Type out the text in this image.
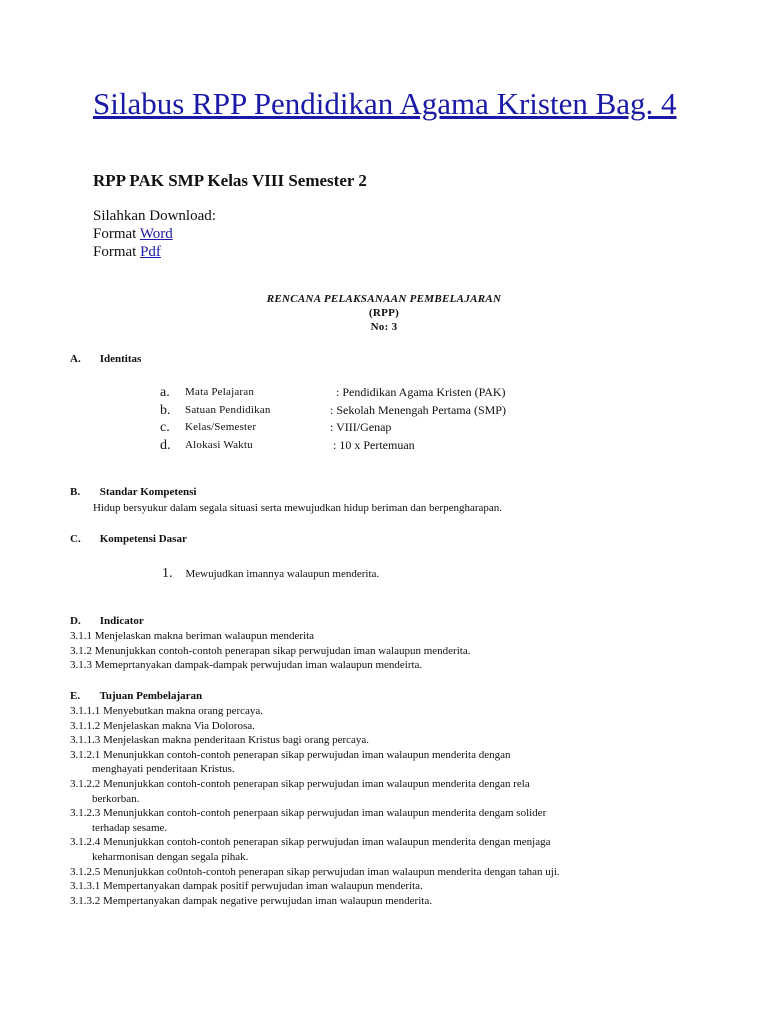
Silabus RPP Pendidikan Agama Kristen Bag. 4
RPP PAK SMP Kelas VIII Semester 2
Silahkan Download:
Format Word
Format Pdf
RENCANA PELAKSANAAN PEMBELAJARAN
(RPP)
No: 3
A. Identitas
a.	Mata Pelajaran	: Pendidikan Agama Kristen (PAK)
b.	Satuan Pendidikan	: Sekolah Menengah Pertama (SMP)
c.	Kelas/Semester	: VIII/Genap
d.	Alokasi Waktu	: 10 x Pertemuan
B. Standar Kompetensi
Hidup bersyukur dalam segala situasi serta mewujudkan hidup beriman dan berpengharapan.
C. Kompetensi Dasar
1. Mewujudkan imannya walaupun menderita.
D. Indicator
3.1.1 Menjelaskan makna beriman walaupun menderita
3.1.2 Menunjukkan contoh-contoh penerapan sikap perwujudan iman walaupun menderita.
3.1.3 Memeprtanyakan dampak-dampak perwujudan iman walaupun mendeirta.
E. Tujuan Pembelajaran
3.1.1.1 Menyebutkan makna orang percaya.
3.1.1.2 Menjelaskan makna Via Dolorosa.
3.1.1.3 Menjelaskan makna penderitaan Kristus bagi orang percaya.
3.1.2.1 Menunjukkan contoh-contoh penerapan sikap perwujudan iman walaupun menderita dengan
menghayati penderitaan Kristus.
3.1.2.2 Menunjukkan contoh-contoh penerapan sikap perwujudan iman walaupun menderita dengan rela
berkorban.
3.1.2.3 Menunjukkan contoh-contoh penerpaan sikap perwujudan iman walaupun menderita dengam solider
terhadap sesame.
3.1.2.4 Menunjukkan contoh-contoh penerapan sikap perwujudan iman walaupun menderita dengan menjaga
keharmonisan dengan segala pihak.
3.1.2.5 Menunjukkan co0ntoh-contoh penerapan sikap perwujudan iman walaupun menderita dengan tahan uji.
3.1.3.1 Mempertanyakan dampak positif perwujudan iman walaupun menderita.
3.1.3.2 Mempertanyakan dampak negative perwujudan iman walaupun menderita.
